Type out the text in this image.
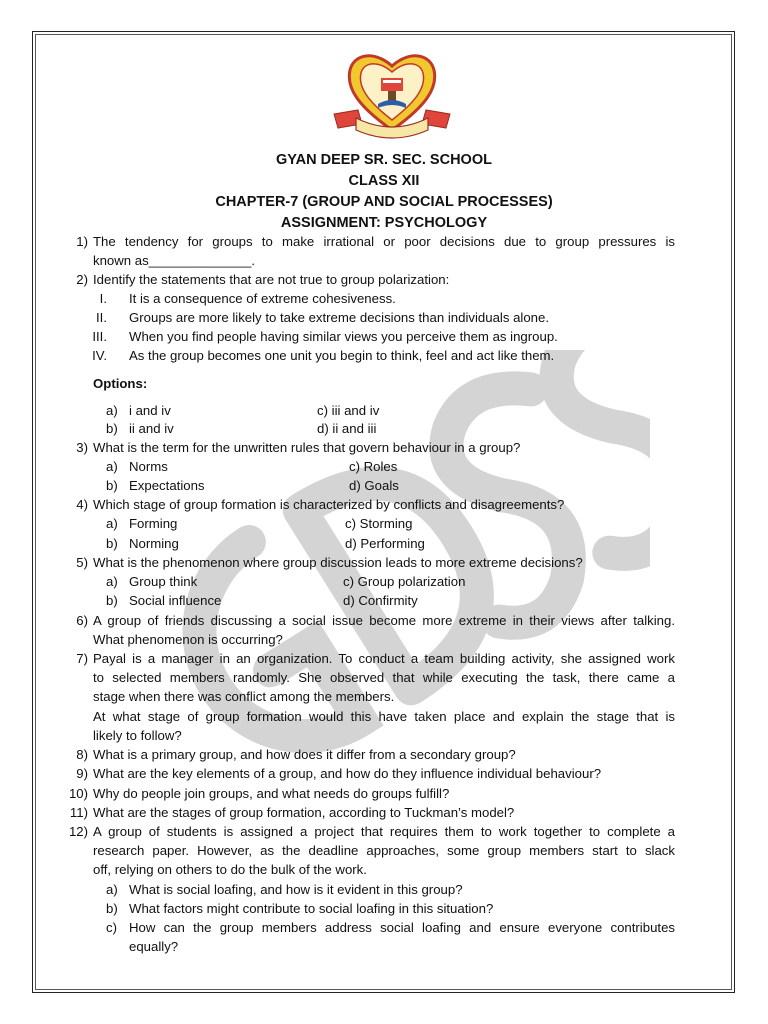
GYAN DEEP SR. SEC. SCHOOL
CLASS XII
CHAPTER-7 (GROUP AND SOCIAL PROCESSES)
ASSIGNMENT: PSYCHOLOGY
1) The tendency for groups to make irrational or poor decisions due to group pressures is
known as______________.
2) Identify the statements that are not true to group polarization:
I. It is a consequence of extreme cohesiveness.
II. Groups are more likely to take extreme decisions than individuals alone.
III. When you find people having similar views you perceive them as ingroup.
IV. As the group becomes one unit you begin to think, feel and act like them.
Options:
a) i and iv	c) iii and iv
b) ii and iv	d) ii and iii
3) What is the term for the unwritten rules that govern behaviour in a group?
a) Norms	c) Roles
b) Expectations	d) Goals
4) Which stage of group formation is characterized by conflicts and disagreements?
a) Forming	c) Storming
b) Norming	d) Performing
5) What is the phenomenon where group discussion leads to more extreme decisions?
a) Group think	c) Group polarization
b) Social influence	d) Confirmity
6) A group of friends discussing a social issue become more extreme in their views after talking.
What phenomenon is occurring?
7) Payal is a manager in an organization. To conduct a team building activity, she assigned work
to selected members randomly. She observed that while executing the task, there came a
stage when there was conflict among the members.
At what stage of group formation would this have taken place and explain the stage that is
likely to follow?
8) What is a primary group, and how does it differ from a secondary group?
9) What are the key elements of a group, and how do they influence individual behaviour?
10) Why do people join groups, and what needs do groups fulfill?
11) What are the stages of group formation, according to Tuckman’s model?
12) A group of students is assigned a project that requires them to work together to complete a
research paper. However, as the deadline approaches, some group members start to slack
off, relying on others to do the bulk of the work.
a) What is social loafing, and how is it evident in this group?
b) What factors might contribute to social loafing in this situation?
c) How can the group members address social loafing and ensure everyone contributes
equally?
